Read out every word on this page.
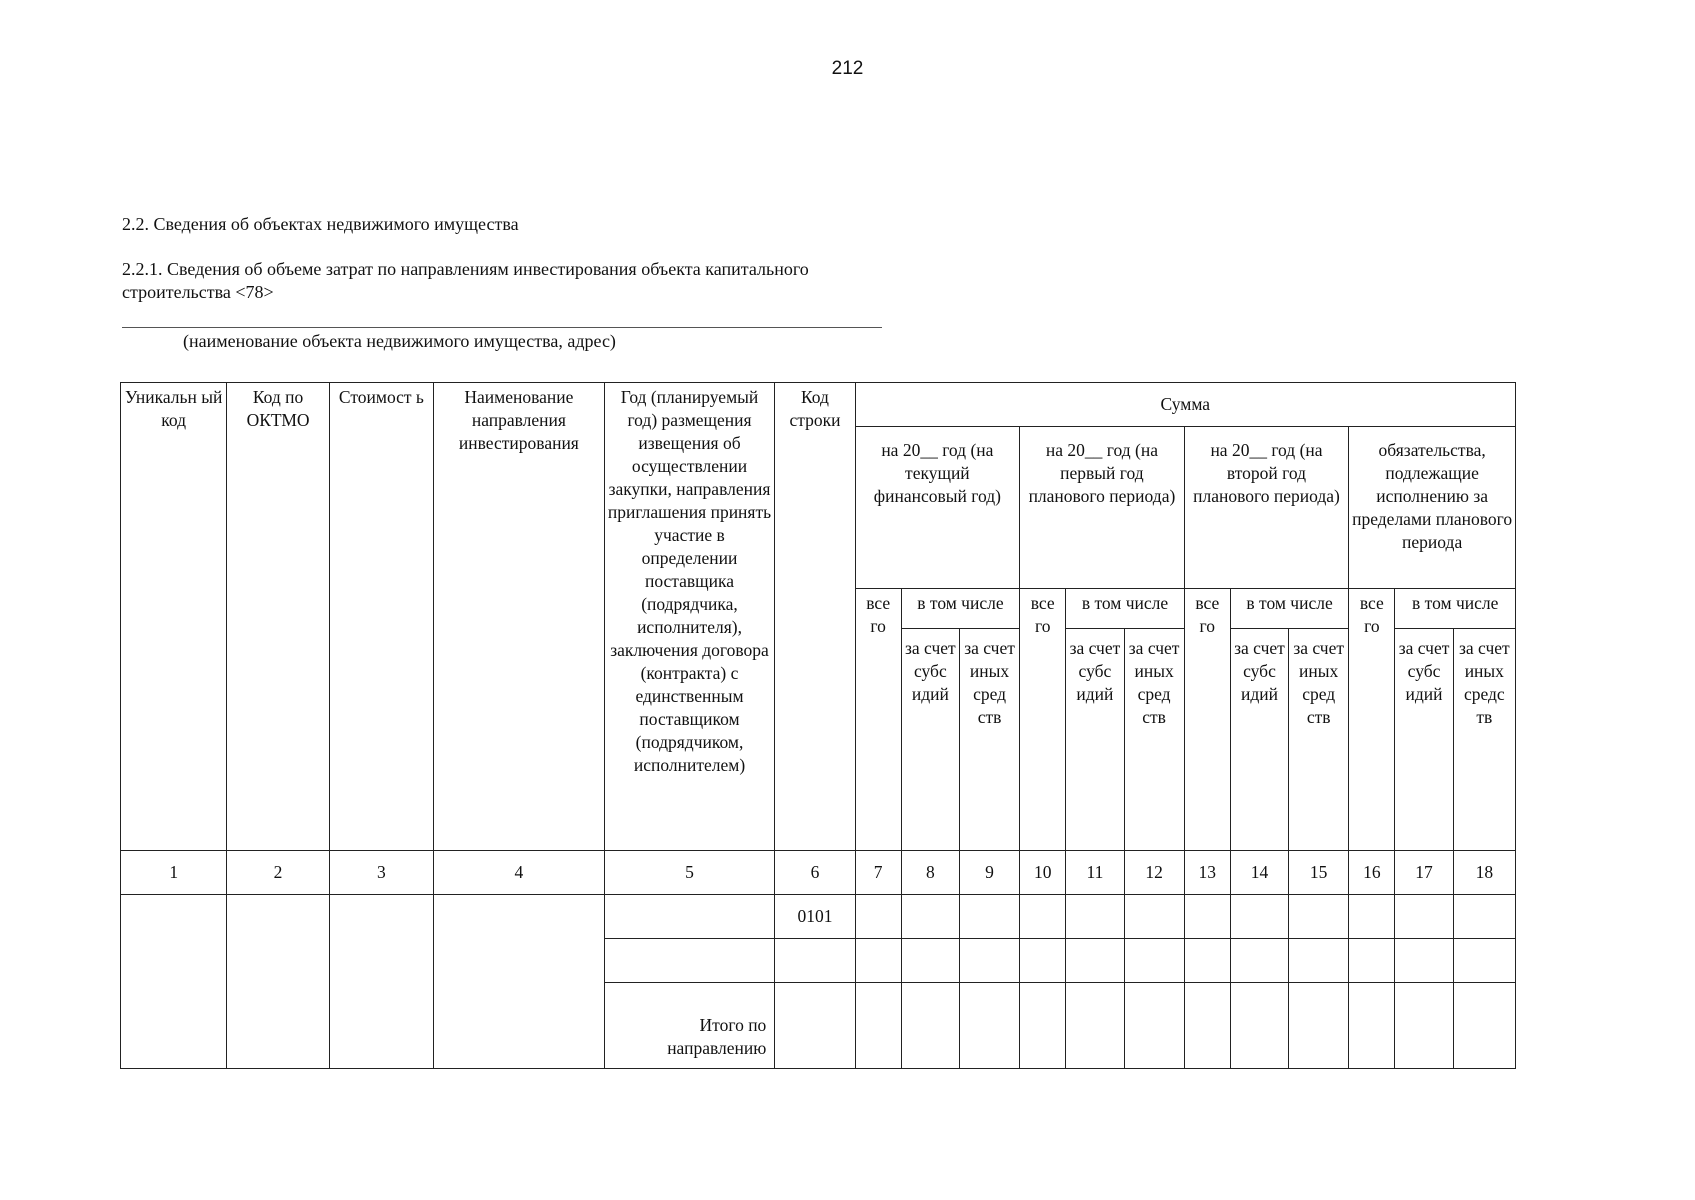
212
2.2. Сведения об объектах недвижимого имущества
2.2.1. Сведения об объеме затрат по направлениям инвестирования объекта капитального строительства <78>
(наименование объекта недвижимого имущества, адрес)
Уникальн ый код	Код по ОКТМО	Стоимост ь	Наименование направления инвестирования	Год (планируемый год) размещения извещения об осуществлении закупки, направления приглашения принять участие в определении поставщика (подрядчика, исполнителя), заключения договора (контракта) с единственным поставщиком (подрядчиком, исполнителем)	Код строки	Сумма											
						на 20__ год (на текущий финансовый год)			на 20__ год (на первый год планового периода)			на 20__ год (на второй год планового периода)			обязательства, подлежащие исполнению за пределами планового периода		
						все го	в том числе		все го	в том числе		все го	в том числе		все го	в том числе	
							за счет субс идий	за счет иных сред ств		за счет субс идий	за счет иных сред ств		за счет субс идий	за счет иных сред ств		за счет субс идий	за счет иных средс тв
1	2	3	4	5	6	7	8	9	10	11	12	13	14	15	16	17	18
					0101												

				Итого по направлению													
